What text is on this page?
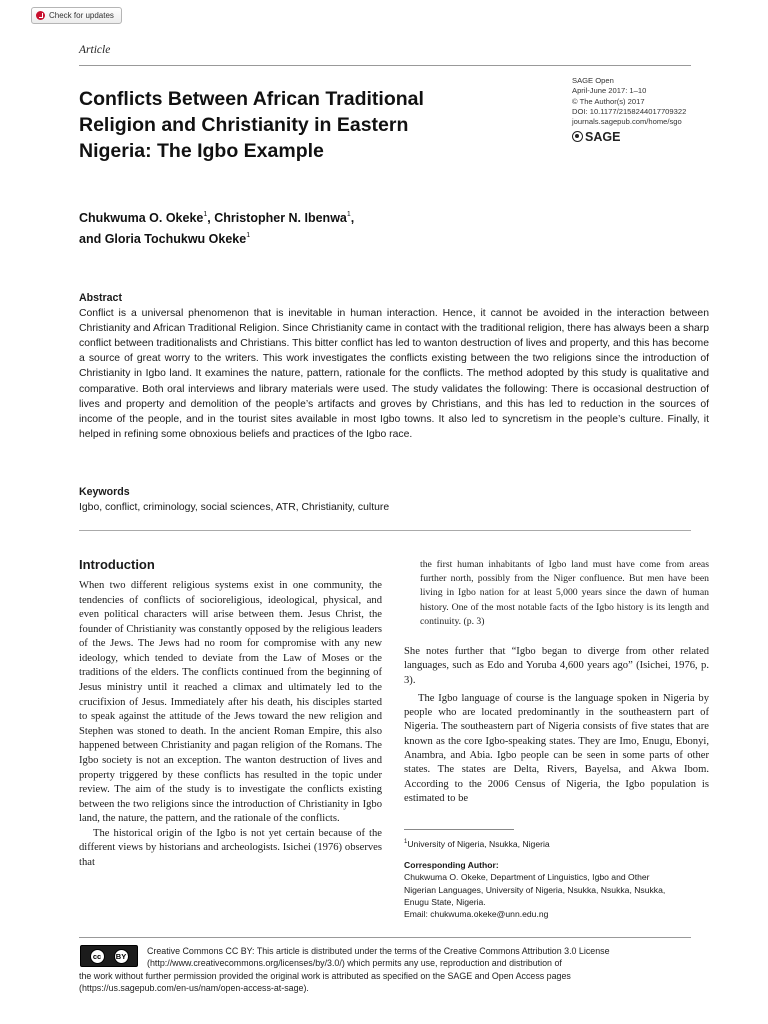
Check for updates
Article
Conflicts Between African Traditional
Religion and Christianity in Eastern
Nigeria: The Igbo Example
SAGE Open
April-June 2017: 1–10
© The Author(s) 2017
DOI: 10.1177/2158244017709322
journals.sagepub.com/home/sgo
SAGE
Chukwuma O. Okeke$^1$, Christopher N. Ibenwa$^1$,
and Gloria Tochukwu Okeke$^1$
Abstract

Conflict is a universal phenomenon that is inevitable in human interaction. Hence, it cannot be avoided in the interaction between Christianity and African Traditional Religion. Since Christianity came in contact with the traditional religion, there has always been a sharp conflict between traditionalists and Christians. This bitter conflict has led to wanton destruction of lives and property, and this has become a source of great worry to the writers. This work investigates the conflicts existing between the two religions since the introduction of Christianity in Igbo land. It examines the nature, pattern, rationale for the conflicts. The method adopted by this study is qualitative and comparative. Both oral interviews and library materials were used. The study validates the following: There is occasional destruction of lives and property and demolition of the people’s artifacts and groves by Christians, and this has led to reduction in the sources of income of the people, and in the tourist sites available in most Igbo towns. It also led to syncretism in the people’s culture. Finally, it helped in refining some obnoxious beliefs and practices of the Igbo race.

Keywords

Igbo, conflict, criminology, social sciences, ATR, Christianity, culture

Introduction

When two different religious systems exist in one community, the tendencies of conflicts of socioreligious, ideological, physical, and even political characters will arise between them. Jesus Christ, the founder of Christianity was constantly opposed by the religious leaders of the Jews. The Jews had no room for compromise with any new ideology, which tended to deviate from the Law of Moses or the traditions of the elders. The conflicts continued from the beginning of Jesus ministry until it reached a climax and ultimately led to the crucifixion of Jesus. Immediately after his death, his disciples started to speak against the attitude of the Jews toward the new religion and Stephen was stoned to death. In the ancient Roman Empire, this also happened between Christianity and pagan religion of the Romans. The Igbo society is not an exception. The wanton destruction of lives and property triggered by these conflicts has resulted in the topic under review. The aim of the study is to investigate the conflicts existing between the two religions since the introduction of Christianity in Igbo land, the nature, the pattern, and the rationale of the conflicts.

The historical origin of the Igbo is not yet certain because of the different views by historians and archeologists. Isichei (1976) observes that

the first human inhabitants of Igbo land must have come from areas further north, possibly from the Niger confluence. But men have been living in Igbo nation for at least 5,000 years since the dawn of human history. One of the most notable facts of the Igbo history is its length and continuity. (p. 3)

She notes further that “Igbo began to diverge from other related languages, such as Edo and Yoruba 4,600 years ago” (Isichei, 1976, p. 3).

The Igbo language of course is the language spoken in Nigeria by people who are located predominantly in the southeastern part of Nigeria. The southeastern part of Nigeria consists of five states that are known as the core Igbo-speaking states. They are Imo, Enugu, Ebonyi, Anambra, and Abia. Igbo people can be seen in some parts of other states. The states are Delta, Rivers, Bayelsa, and Akwa Ibom. According to the 2006 Census of Nigeria, the Igbo population is estimated to be

$^1$University of Nigeria, Nsukka, Nigeria
Corresponding Author:
Chukwuma O. Okeke, Department of Linguistics, Igbo and Other
Nigerian Languages, University of Nigeria, Nsukka, Nsukka, Nsukka,
Enugu State, Nigeria.
Email: chukwuma.okeke@unn.edu.ng
cc	BY	Creative Commons CC BY: This article is distributed under the terms of the Creative Commons Attribution 3.0 License
(http://www.creativecommons.org/licenses/by/3.0/) which permits any use, reproduction and distribution of
the work without further permission provided the original work is attributed as specified on the SAGE and Open Access pages
(https://us.sagepub.com/en-us/nam/open-access-at-sage).
